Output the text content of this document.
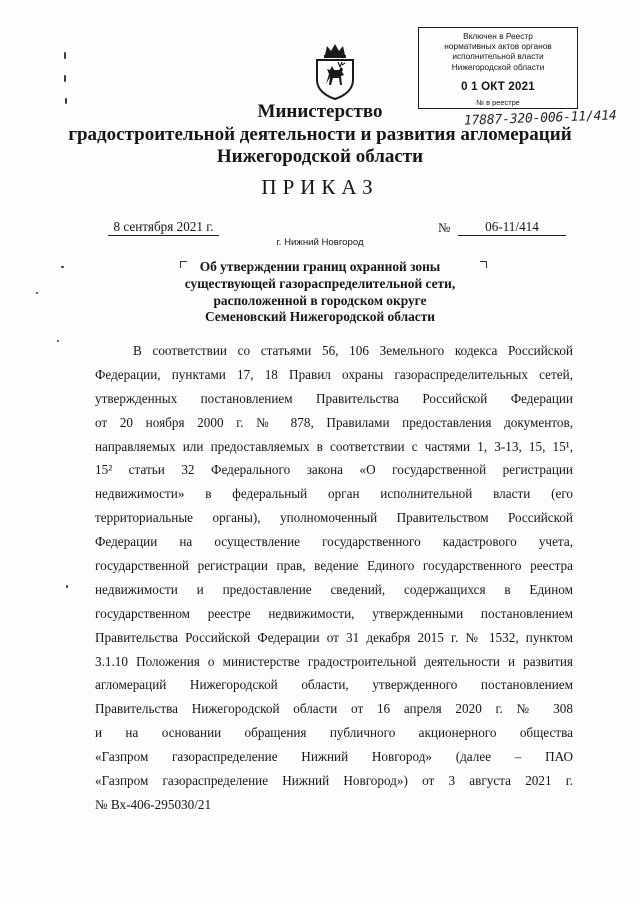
Включен в Реестр
нормативных актов органов
исполнительной власти
Нижегородской области
0 1 ОКТ 2021
№ в реестре
17887-320-006-11/414
Министерство
градостроительной деятельности и развития агломераций
Нижегородской области
ПРИКАЗ
8 сентября 2021 г.	№	06-11/414
г. Нижний Новгород
Об утверждении границ охранной зоны
существующей газораспределительной сети,
расположенной в городском округе
Семеновский Нижегородской области
В соответствии со статьями 56, 106 Земельного кодекса Российской
Федерации, пунктами 17, 18 Правил охраны газораспределительных сетей,
утвержденных постановлением Правительства Российской Федерации
от 20 ноября 2000 г. № 878, Правилами предоставления документов,
направляемых или предоставляемых в соответствии с частями 1, 3-13, 15, 15¹,
15² статьи 32 Федерального закона «О государственной регистрации
недвижимости» в федеральный орган исполнительной власти (его
территориальные органы), уполномоченный Правительством Российской
Федерации на осуществление государственного кадастрового учета,
государственной регистрации прав, ведение Единого государственного реестра
недвижимости и предоставление сведений, содержащихся в Едином
государственном реестре недвижимости, утвержденными постановлением
Правительства Российской Федерации от 31 декабря 2015 г. № 1532, пунктом
3.1.10 Положения о министерстве градостроительной деятельности и развития
агломераций Нижегородской области, утвержденного постановлением
Правительства Нижегородской области от 16 апреля 2020 г. № 308
и на основании обращения публичного акционерного общества
«Газпром газораспределение Нижний Новгород» (далее – ПАО
«Газпром газораспределение Нижний Новгород») от 3 августа 2021 г.
№ Вх-406-295030/21
